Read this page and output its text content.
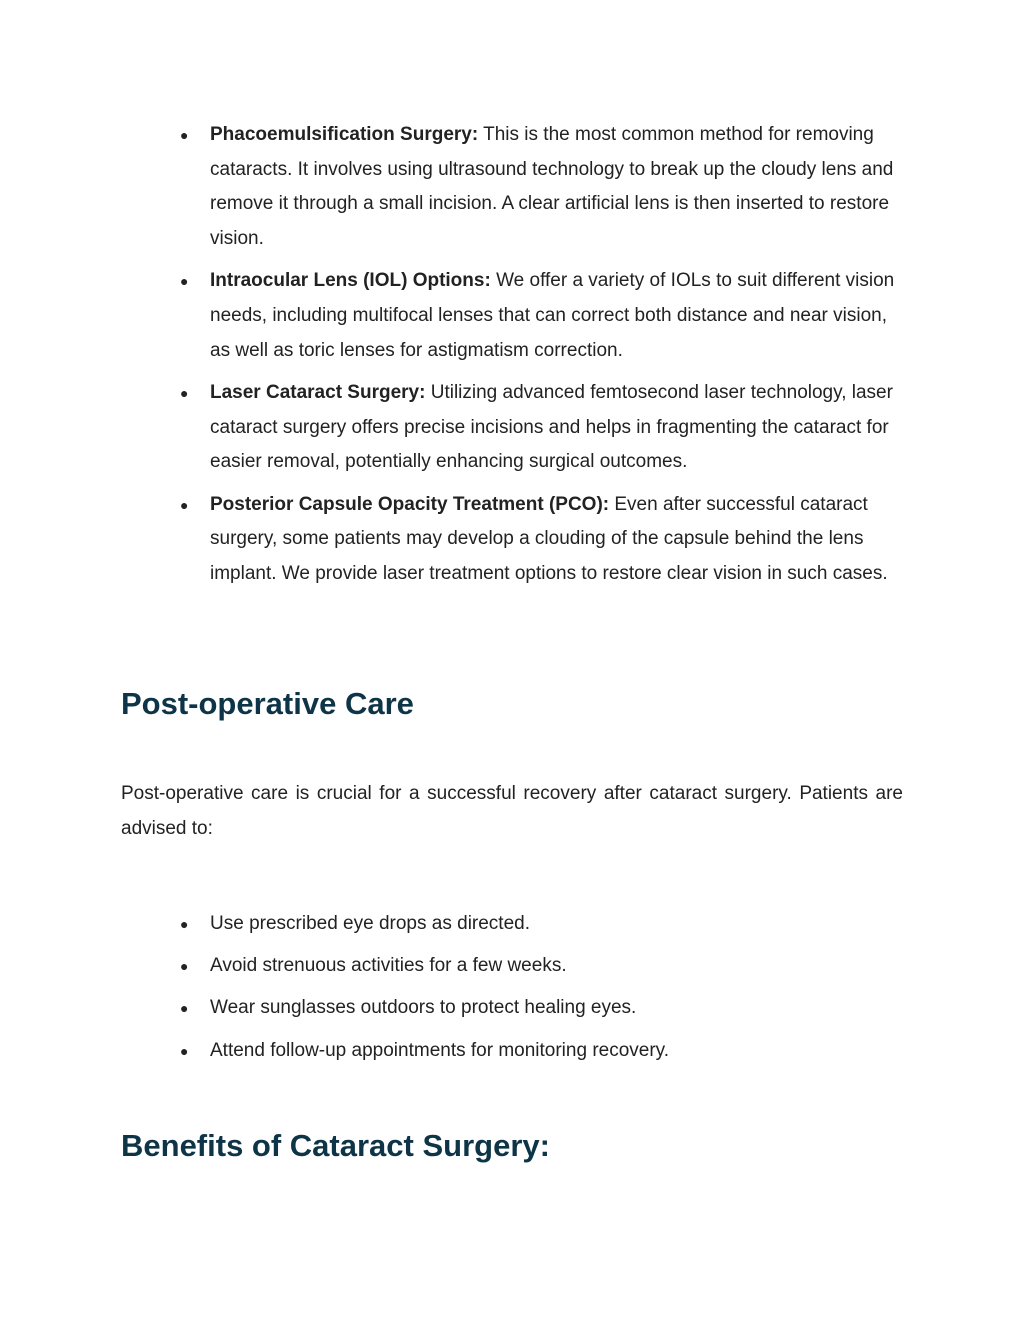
● Phacoemulsification Surgery: This is the most common method for removing cataracts. It involves using ultrasound technology to break up the cloudy lens and remove it through a small incision. A clear artificial lens is then inserted to restore vision.
● Intraocular Lens (IOL) Options: We offer a variety of IOLs to suit different vision needs, including multifocal lenses that can correct both distance and near vision, as well as toric lenses for astigmatism correction.
● Laser Cataract Surgery: Utilizing advanced femtosecond laser technology, laser cataract surgery offers precise incisions and helps in fragmenting the cataract for easier removal, potentially enhancing surgical outcomes.
● Posterior Capsule Opacity Treatment (PCO): Even after successful cataract surgery, some patients may develop a clouding of the capsule behind the lens implant. We provide laser treatment options to restore clear vision in such cases.
Post-operative Care

Post-operative care is crucial for a successful recovery after cataract surgery. Patients are advised to:

● Use prescribed eye drops as directed.
● Avoid strenuous activities for a few weeks.
● Wear sunglasses outdoors to protect healing eyes.
● Attend follow-up appointments for monitoring recovery.
Benefits of Cataract Surgery:
